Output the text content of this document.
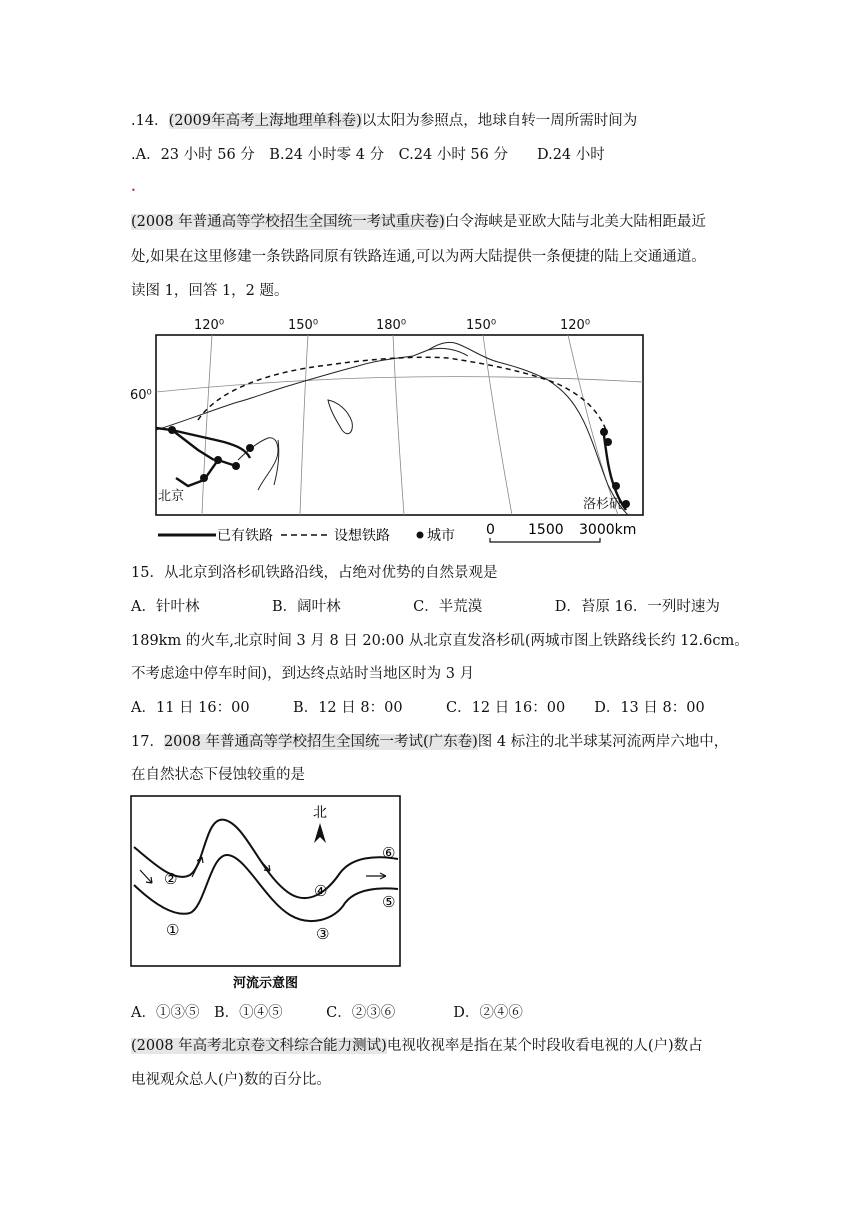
.14．(2009年高考上海地理单科卷)以太阳为参照点，地球自转一周所需时间为
.A．23 小时 56 分　B.24 小时零 4 分　C.24 小时 56 分　　D.24 小时
•
(2008 年普通高等学校招生全国统一考试重庆卷)白令海峡是亚欧大陆与北美大陆相距最近
处,如果在这里修建一条铁路同原有铁路连通,可以为两大陆提供一条便捷的陆上交通通道。
读图 1，回答 1，2 题。
120⁰	150⁰	180⁰	150⁰	120⁰
60⁰
北京
洛杉矶
已有铁路	设想铁路	城市 0 1500 3000km
15．从北京到洛杉矶铁路沿线，占绝对优势的自然景观是
A．针叶林　　　　　B．阔叶林　　　　　C．半荒漠　　　　　D．苔原 16．一列时速为
189km 的火车,北京时间 3 月 8 日 20:00 从北京直发洛杉矶(两城市图上铁路线长约 12.6cm。
不考虑途中停车时间)，到达终点站时当地区时为 3 月
A．11 日 16：00　　　B．12 日 8：00　　　C．12 日 16：00　　D．13 日 8：00
17．2008 年普通高等学校招生全国统一考试(广东卷)图 4 标注的北半球某河流两岸六地中，
在自然状态下侵蚀较重的是
北
①
②
③
④
⑤
⑥
河流示意图
A．①③⑤　B．①④⑤　　　C．②③⑥　　　　D．②④⑥
(2008 年高考北京卷文科综合能力测试)电视收视率是指在某个时段收看电视的人(户)数占
电视观众总人(户)数的百分比。
